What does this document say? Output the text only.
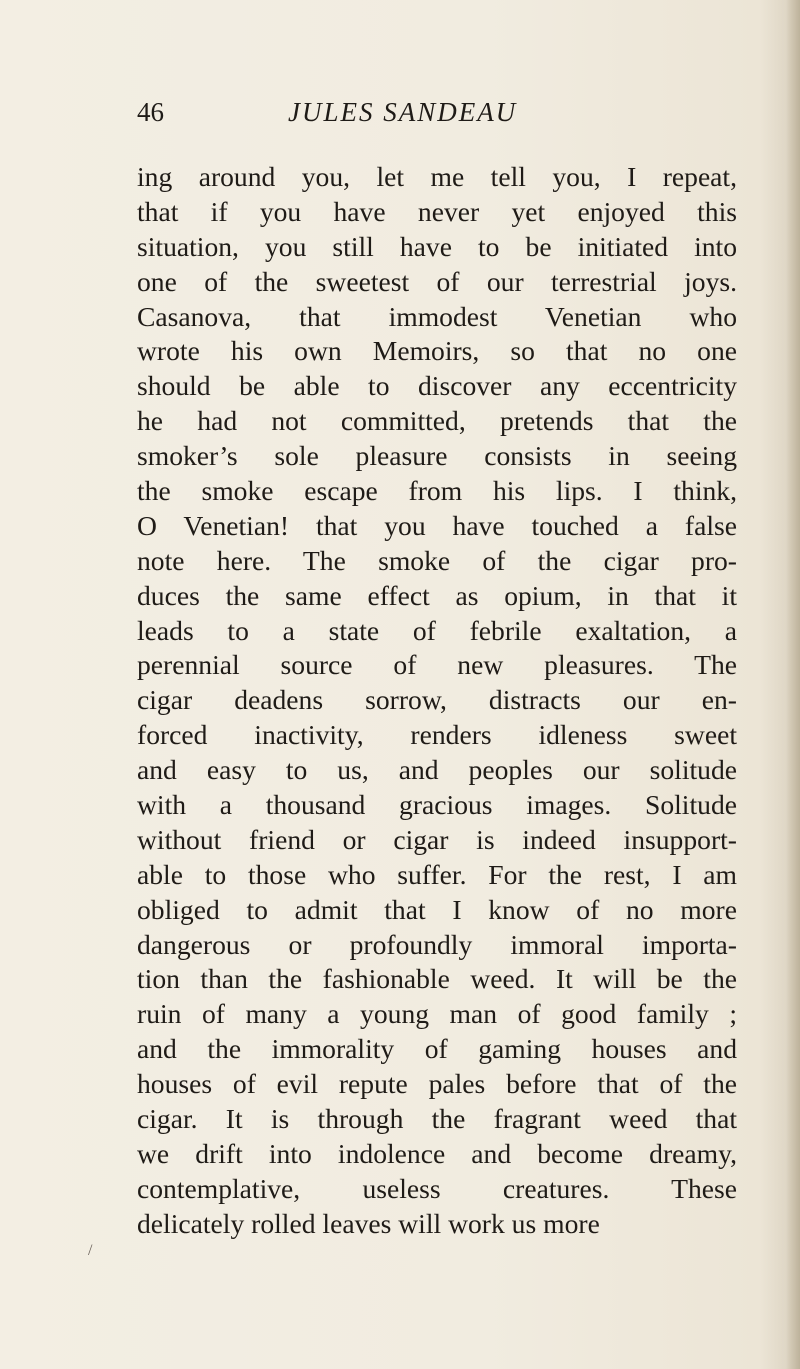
46	JULES SANDEAU
ing around you, let me tell you, I repeat,
that if you have never yet enjoyed this
situation, you still have to be initiated into
one of the sweetest of our terrestrial joys.
Casanova, that immodest Venetian who
wrote his own Memoirs, so that no one
should be able to discover any eccentricity
he had not committed, pretends that the
smoker’s sole pleasure consists in seeing
the smoke escape from his lips. I think,
O Venetian! that you have touched a false
note here. The smoke of the cigar pro-
duces the same effect as opium, in that it
leads to a state of febrile exaltation, a
perennial source of new pleasures. The
cigar deadens sorrow, distracts our en-
forced inactivity, renders idleness sweet
and easy to us, and peoples our solitude
with a thousand gracious images. Solitude
without friend or cigar is indeed insupport-
able to those who suffer. For the rest, I am
obliged to admit that I know of no more
dangerous or profoundly immoral importa-
tion than the fashionable weed. It will be the
ruin of many a young man of good family ;
and the immorality of gaming houses and
houses of evil repute pales before that of the
cigar. It is through the fragrant weed that
we drift into indolence and become dreamy,
contemplative, useless creatures. These
delicately rolled leaves will work us more
/
